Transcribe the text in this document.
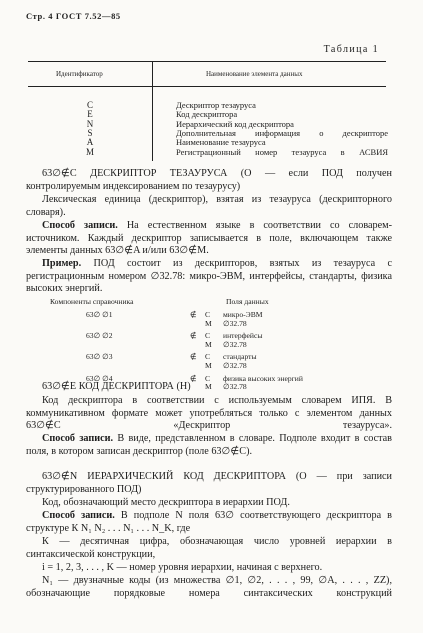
Стр. 4 ГОСТ 7.52—85
Таблица 1
Идентификатор	Наименование элемента данных
C	Дескриптор тезауруса
E	Код дескриптора
N	Иерархический код дескриптора
S	Дополнительная информация о дескрипторе
A	Наименование тезауруса
M	Регистрационный номер тезауруса в АСВИЯ
63∅∉C ДЕСКРИПТОР ТЕЗАУРУСА (О — если ПОД получен контролируемым индексированием по тезаурусу)
Лексическая единица (дескриптор), взятая из тезауруса (дескрипторного словаря).
Способ записи. На естественном языке в соответствии со словарем-источником. Каждый дескриптор записывается в поле, включающем также элементы данных 63∅∉A и/или 63∅∉M.
Пример. ПОД состоит из дескрипторов, взятых из тезауруса с регистрационным номером ∅32.78: микро-ЭВМ, интерфейсы, стандарты, физика высоких энергий.
Компоненты справочника	Поля данных
63∅ ∅1	∉ C микро-ЭВМ
M ∅32.78
63∅ ∅2	∉ C интерфейсы
M ∅32.78
63∅ ∅3	∉ C стандарты
M ∅32.78
63∅ ∅4	∉ C физика высоких энергий
M ∅32.78
63∅∉E КОД ДЕСКРИПТОРА (Н)
Код дескриптора в соответствии с используемым словарем ИПЯ. В коммуникативном формате может употребляться только с элементом данных 63∅∉C «Дескриптор тезауруса».
Способ записи. В виде, представленном в словаре. Подполе входит в состав поля, в котором записан дескриптор (поле 63∅∉C).
63∅∉N ИЕРАРХИЧЕСКИЙ КОД ДЕСКРИПТОРА (О — при записи структурированного ПОД)
Код, обозначающий место дескриптора в иерархии ПОД.
Способ записи. В подполе N поля 63∅ соответствующего дескриптора в структуре К N₁ N₂ . . . N₁ . . . N_K, где
К — десятичная цифра, обозначающая число уровней иерархии в синтаксической конструкции,
i = 1, 2, 3, . . . , K — номер уровня иерархии, начиная с верхнего.
N₁ — двузначные коды (из множества ∅1, ∅2, . . . , 99, ∅A, . . . , ZZ), обозначающие порядковые номера синтаксических конструкций
